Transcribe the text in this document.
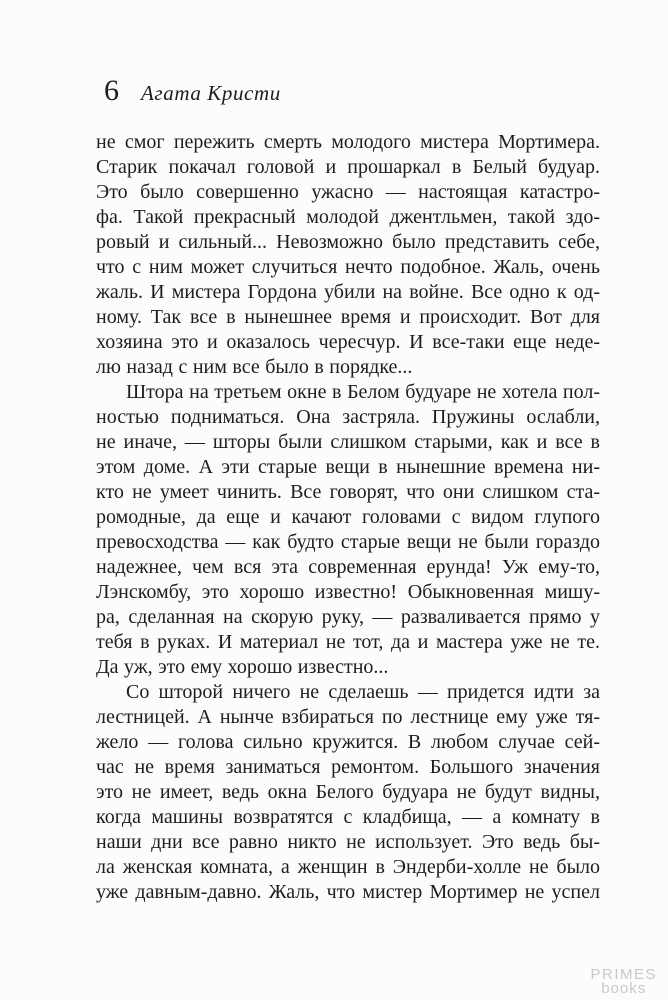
6 Агата Кристи
не смог пережить смерть молодого мистера Мортимера.
Старик покачал головой и прошаркал в Белый будуар.
Это было совершенно ужасно — настоящая катастро-
фа. Такой прекрасный молодой джентльмен, такой здо-
ровый и сильный... Невозможно было представить себе,
что с ним может случиться нечто подобное. Жаль, очень
жаль. И мистера Гордона убили на войне. Все одно к од-
ному. Так все в нынешнее время и происходит. Вот для
хозяина это и оказалось чересчур. И все-таки еще неде-
лю назад с ним все было в порядке...
Штора на третьем окне в Белом будуаре не хотела пол-
ностью подниматься. Она застряла. Пружины ослабли,
не иначе, — шторы были слишком старыми, как и все в
этом доме. А эти старые вещи в нынешние времена ни-
кто не умеет чинить. Все говорят, что они слишком ста-
ромодные, да еще и качают головами с видом глупого
превосходства — как будто старые вещи не были гораздо
надежнее, чем вся эта современная ерунда! Уж ему-то,
Лэнскомбу, это хорошо известно! Обыкновенная мишу-
ра, сделанная на скорую руку, — разваливается прямо у
тебя в руках. И материал не тот, да и мастера уже не те.
Да уж, это ему хорошо известно...
Со шторой ничего не сделаешь — придется идти за
лестницей. А нынче взбираться по лестнице ему уже тя-
жело — голова сильно кружится. В любом случае сей-
час не время заниматься ремонтом. Большого значения
это не имеет, ведь окна Белого будуара не будут видны,
когда машины возвратятся с кладбища, — а комнату в
наши дни все равно никто не использует. Это ведь бы-
ла женская комната, а женщин в Эндерби-холле не было
уже давным-давно. Жаль, что мистер Мортимер не успел
PRIMES
books
